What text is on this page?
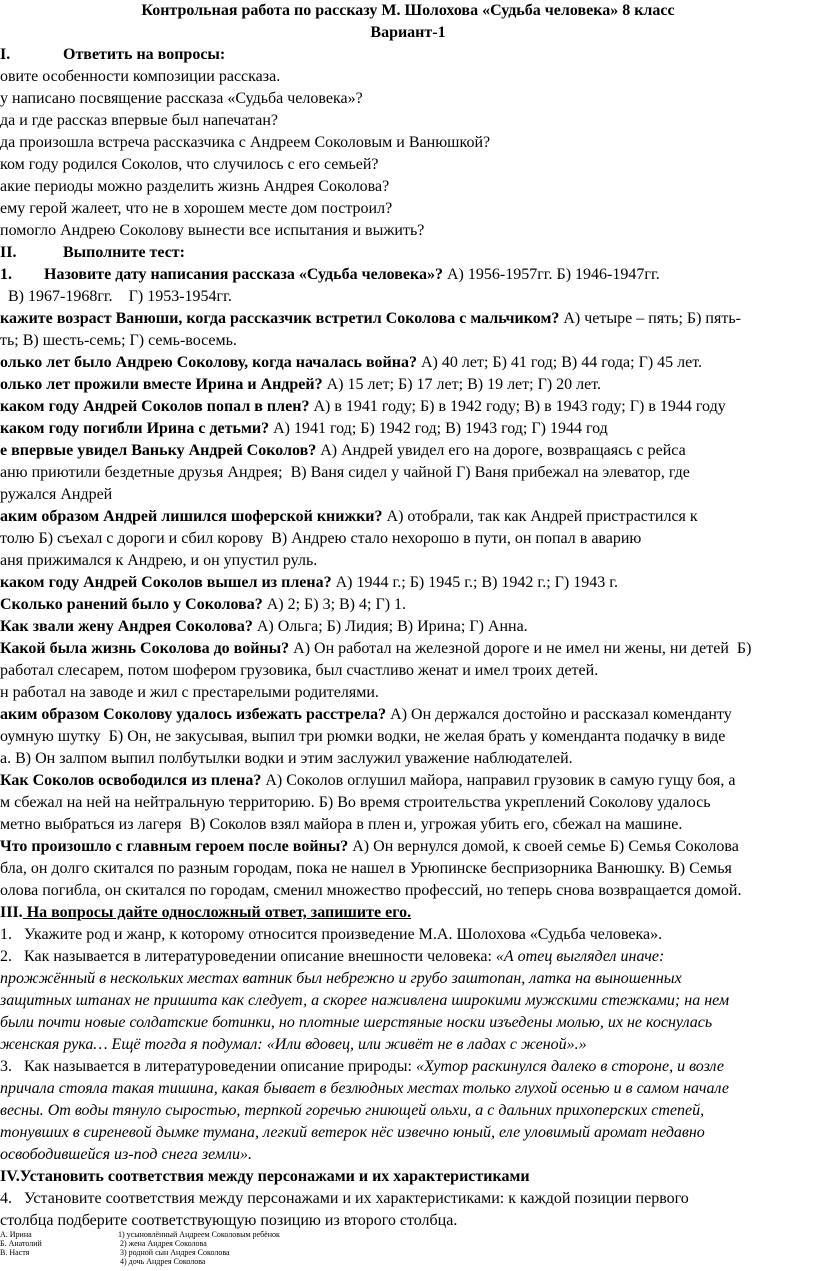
Контрольная работа по рассказу М. Шолохова «Судьба человека» 8 класс
Вариант-1
I.	Ответить на вопросы:
овите особенности композиции рассказа.
у написано посвящение рассказа «Судьба человека»?
да и где рассказ впервые был напечатан?
да произошла встреча рассказчика с Андреем Соколовым и Ванюшкой?
ком году родился Соколов, что случилось с его семьей?
акие периоды можно разделить жизнь Андрея Соколова?
ему герой жалеет, что не в хорошем месте дом построил?
помогло Андрею Соколову вынести все испытания и выжить?
II.	Выполните тест:
1.        Назовите дату написания рассказа «Судьба человека»? А) 1956-1957гг. Б) 1946-1947гг.
В) 1967-1968гг.    Г) 1953-1954гг.
кажите возраст Ванюши, когда рассказчик встретил Соколова с мальчиком? А) четыре – пять; Б) пять-
ть; В) шесть-семь; Г) семь-восемь.
олько лет было Андрею Соколову, когда началась война? А) 40 лет; Б) 41 год; В) 44 года; Г) 45 лет.
олько лет прожили вместе Ирина и Андрей? А) 15 лет; Б) 17 лет; В) 19 лет; Г) 20 лет.
каком году Андрей Соколов попал в плен? А) в 1941 году; Б) в 1942 году; В) в 1943 году; Г) в 1944 году
каком году погибли Ирина с детьми? А) 1941 год; Б) 1942 год; В) 1943 год; Г) 1944 год
е впервые увидел Ваньку Андрей Соколов? А) Андрей увидел его на дороге, возвращаясь с рейса
аню приютили бездетные друзья Андрея;  В) Ваня сидел у чайной Г) Ваня прибежал на элеватор, где
ружался Андрей
аким образом Андрей лишился шоферской книжки? А) отобрали, так как Андрей пристрастился к
толю Б) съехал с дороги и сбил корову  В) Андрею стало нехорошо в пути, он попал в аварию
аня прижимался к Андрею, и он упустил руль.
каком году Андрей Соколов вышел из плена? А) 1944 г.; Б) 1945 г.; В) 1942 г.; Г) 1943 г.
Сколько ранений было у Соколова? А) 2; Б) 3; В) 4; Г) 1.
Как звали жену Андрея Соколова? А) Ольга; Б) Лидия; В) Ирина; Г) Анна.
Какой была жизнь Соколова до войны? А) Он работал на железной дороге и не имел ни жены, ни детей  Б)
работал слесарем, потом шофером грузовика, был счастливо женат и имел троих детей.
н работал на заводе и жил с престарелыми родителями.
аким образом Соколову удалось избежать расстрела? А) Он держался достойно и рассказал коменданту
оумную шутку  Б) Он, не закусывая, выпил три рюмки водки, не желая брать у коменданта подачку в виде
а. В) Он залпом выпил полбутылки водки и этим заслужил уважение наблюдателей.
Как Соколов освободился из плена? А) Соколов оглушил майора, направил грузовик в самую гущу боя, а
м сбежал на ней на нейтральную территорию. Б) Во время строительства укреплений Соколову удалось
метно выбраться из лагеря  В) Соколов взял майора в плен и, угрожая убить его, сбежал на машине.
Что произошло с главным героем после войны? А) Он вернулся домой, к своей семье Б) Семья Соколова
бла, он долго скитался по разным городам, пока не нашел в Урюпинске беспризорника Ванюшку. В) Семья
олова погибла, он скитался по городам, сменил множество профессий, но теперь снова возвращается домой.
III. На вопросы дайте односложный ответ, запишите его.
1.   Укажите род и жанр, к которому относится произведение М.А. Шолохова «Судьба человека».
2.   Как называется в литературоведении описание внешности человека: «А отец выглядел иначе:
прожжённый в нескольких местах ватник был небрежно и грубо заштопан, латка на выношенных
защитных штанах не пришита как следует, а скорее наживлена широкими мужскими стежками; на нем
были почти новые солдатские ботинки, но плотные шерстяные носки изъедены молью, их не коснулась
женская рука… Ещё тогда я подумал: «Или вдовец, или живёт не в ладах с женой».»
3.   Как называется в литературоведении описание природы: «Хутор раскинулся далеко в стороне, и возле
причала стояла такая тишина, какая бывает в безлюдных местах только глухой осенью и в самом начале
весны. От воды тянуло сыростью, терпкой горечью гниющей ольхи, а с дальних прихоперских степей,
тонувших в сиреневой дымке тумана, легкий ветерок нёс извечно юный, еле уловимый аромат недавно
освободившейся из-под снега земли».
IV.Установить соответствия между персонажами и их характеристиками
4.   Установите соответствия между персонажами и их характеристиками: к каждой позиции первого
столбца подберите соответствующую позицию из второго столбца.
А. Ирина
Б. Анатолий
В. Настя
1) усыновлённый Андреем Соколовым ребёнок
2) жена Андрея Соколова
3) родной сын Андрея Соколова
4) дочь Андрея Соколова
